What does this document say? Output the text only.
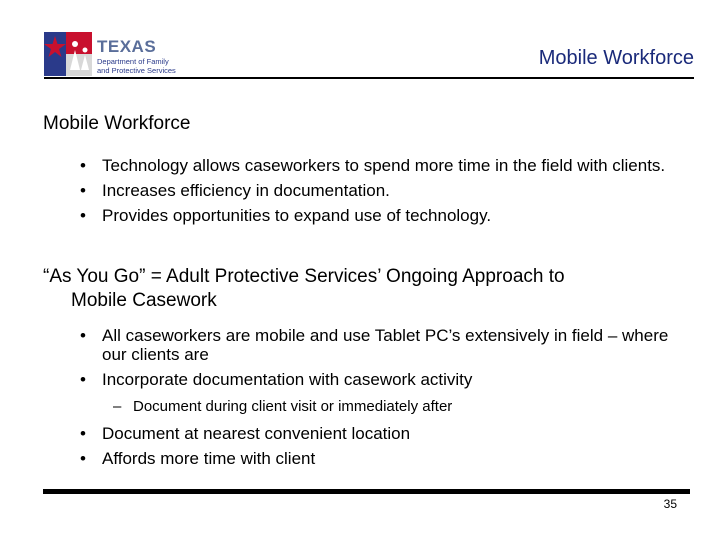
TEXAS
Department of Family
and Protective Services
Mobile Workforce
Mobile Workforce
• Technology allows caseworkers to spend more time in the field with clients.
• Increases efficiency in documentation.
• Provides opportunities to expand use of technology.
“As You Go” = Adult Protective Services’ Ongoing Approach to
Mobile Casework
• All caseworkers are mobile and use Tablet PC’s extensively in field – where our clients are
• Incorporate documentation with casework activity
– Document during client visit or immediately after
• Document at nearest convenient location
• Affords more time with client
35
